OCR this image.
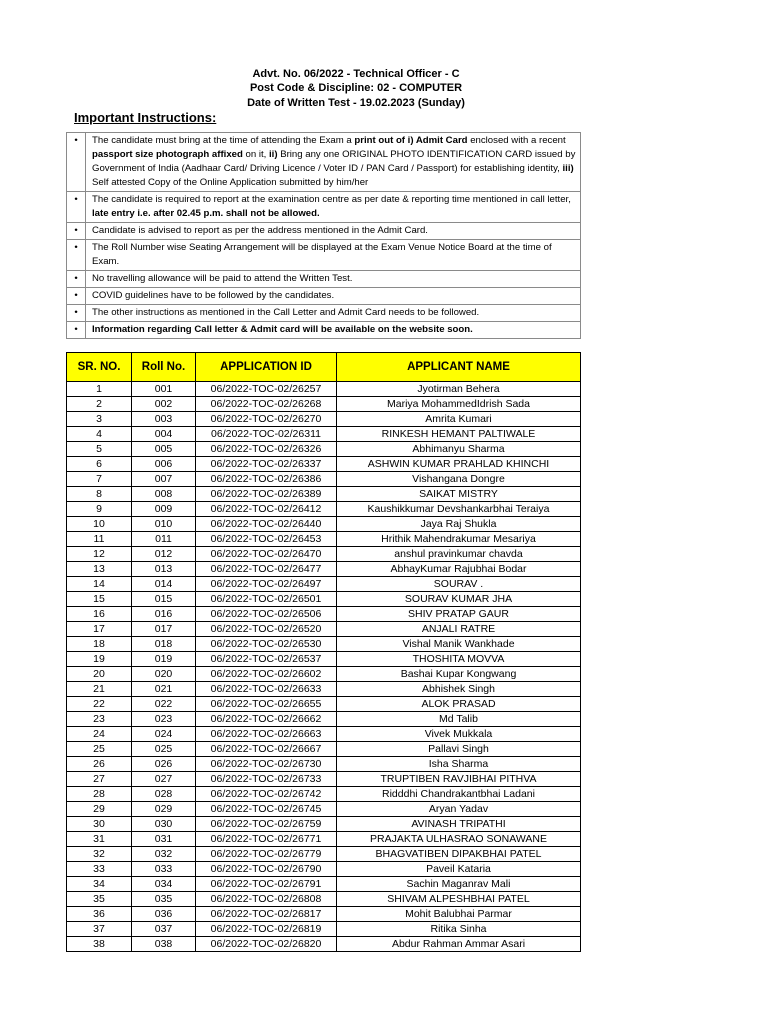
Advt. No. 06/2022 - Technical Officer - C
Post Code & Discipline: 02 - COMPUTER
Date of Written Test - 19.02.2023 (Sunday)
Important Instructions:
•	The candidate must bring at the time of attending the Exam a print out of i) Admit Card enclosed with a recent passport size photograph affixed on it, ii) Bring any one ORIGINAL PHOTO IDENTIFICATION CARD issued by Government of India (Aadhaar Card/ Driving Licence / Voter ID / PAN Card / Passport) for establishing identity, iii) Self attested Copy of the Online Application submitted by him/her
•	The candidate is required to report at the examination centre as per date & reporting time mentioned in call letter, late entry i.e. after 02.45 p.m. shall not be allowed.
•	Candidate is advised to report as per the address mentioned in the Admit Card.
•	The Roll Number wise Seating Arrangement will be displayed at the Exam Venue Notice Board at the time of Exam.
•	No travelling allowance will be paid to attend the Written Test.
•	COVID guidelines have to be followed by the candidates.
•	The other instructions as mentioned in the Call Letter and Admit Card needs to be followed.
•	Information regarding Call letter & Admit card will be available on the website soon.
SR. NO.	Roll No.	APPLICATION ID	APPLICANT NAME
1	001	06/2022-TOC-02/26257	Jyotirman Behera
2	002	06/2022-TOC-02/26268	Mariya MohammedIdrish Sada
3	003	06/2022-TOC-02/26270	Amrita Kumari
4	004	06/2022-TOC-02/26311	RINKESH HEMANT PALTIWALE
5	005	06/2022-TOC-02/26326	Abhimanyu Sharma
6	006	06/2022-TOC-02/26337	ASHWIN KUMAR PRAHLAD KHINCHI
7	007	06/2022-TOC-02/26386	Vishangana Dongre
8	008	06/2022-TOC-02/26389	SAIKAT MISTRY
9	009	06/2022-TOC-02/26412	Kaushikkumar Devshankarbhai Teraiya
10	010	06/2022-TOC-02/26440	Jaya Raj Shukla
11	011	06/2022-TOC-02/26453	Hrithik Mahendrakumar Mesariya
12	012	06/2022-TOC-02/26470	anshul pravinkumar chavda
13	013	06/2022-TOC-02/26477	AbhayKumar Rajubhai Bodar
14	014	06/2022-TOC-02/26497	SOURAV .
15	015	06/2022-TOC-02/26501	SOURAV KUMAR JHA
16	016	06/2022-TOC-02/26506	SHIV PRATAP GAUR
17	017	06/2022-TOC-02/26520	ANJALI RATRE
18	018	06/2022-TOC-02/26530	Vishal Manik Wankhade
19	019	06/2022-TOC-02/26537	THOSHITA MOVVA
20	020	06/2022-TOC-02/26602	Bashai Kupar Kongwang
21	021	06/2022-TOC-02/26633	Abhishek Singh
22	022	06/2022-TOC-02/26655	ALOK PRASAD
23	023	06/2022-TOC-02/26662	Md Talib
24	024	06/2022-TOC-02/26663	Vivek Mukkala
25	025	06/2022-TOC-02/26667	Pallavi Singh
26	026	06/2022-TOC-02/26730	Isha Sharma
27	027	06/2022-TOC-02/26733	TRUPTIBEN RAVJIBHAI PITHVA
28	028	06/2022-TOC-02/26742	Ridddhi Chandrakantbhai Ladani
29	029	06/2022-TOC-02/26745	Aryan Yadav
30	030	06/2022-TOC-02/26759	AVINASH TRIPATHI
31	031	06/2022-TOC-02/26771	PRAJAKTA ULHASRAO SONAWANE
32	032	06/2022-TOC-02/26779	BHAGVATIBEN DIPAKBHAI PATEL
33	033	06/2022-TOC-02/26790	Paveil Kataria
34	034	06/2022-TOC-02/26791	Sachin Maganrav Mali
35	035	06/2022-TOC-02/26808	SHIVAM ALPESHBHAI PATEL
36	036	06/2022-TOC-02/26817	Mohit Balubhai Parmar
37	037	06/2022-TOC-02/26819	Ritika Sinha
38	038	06/2022-TOC-02/26820	Abdur Rahman Ammar Asari
